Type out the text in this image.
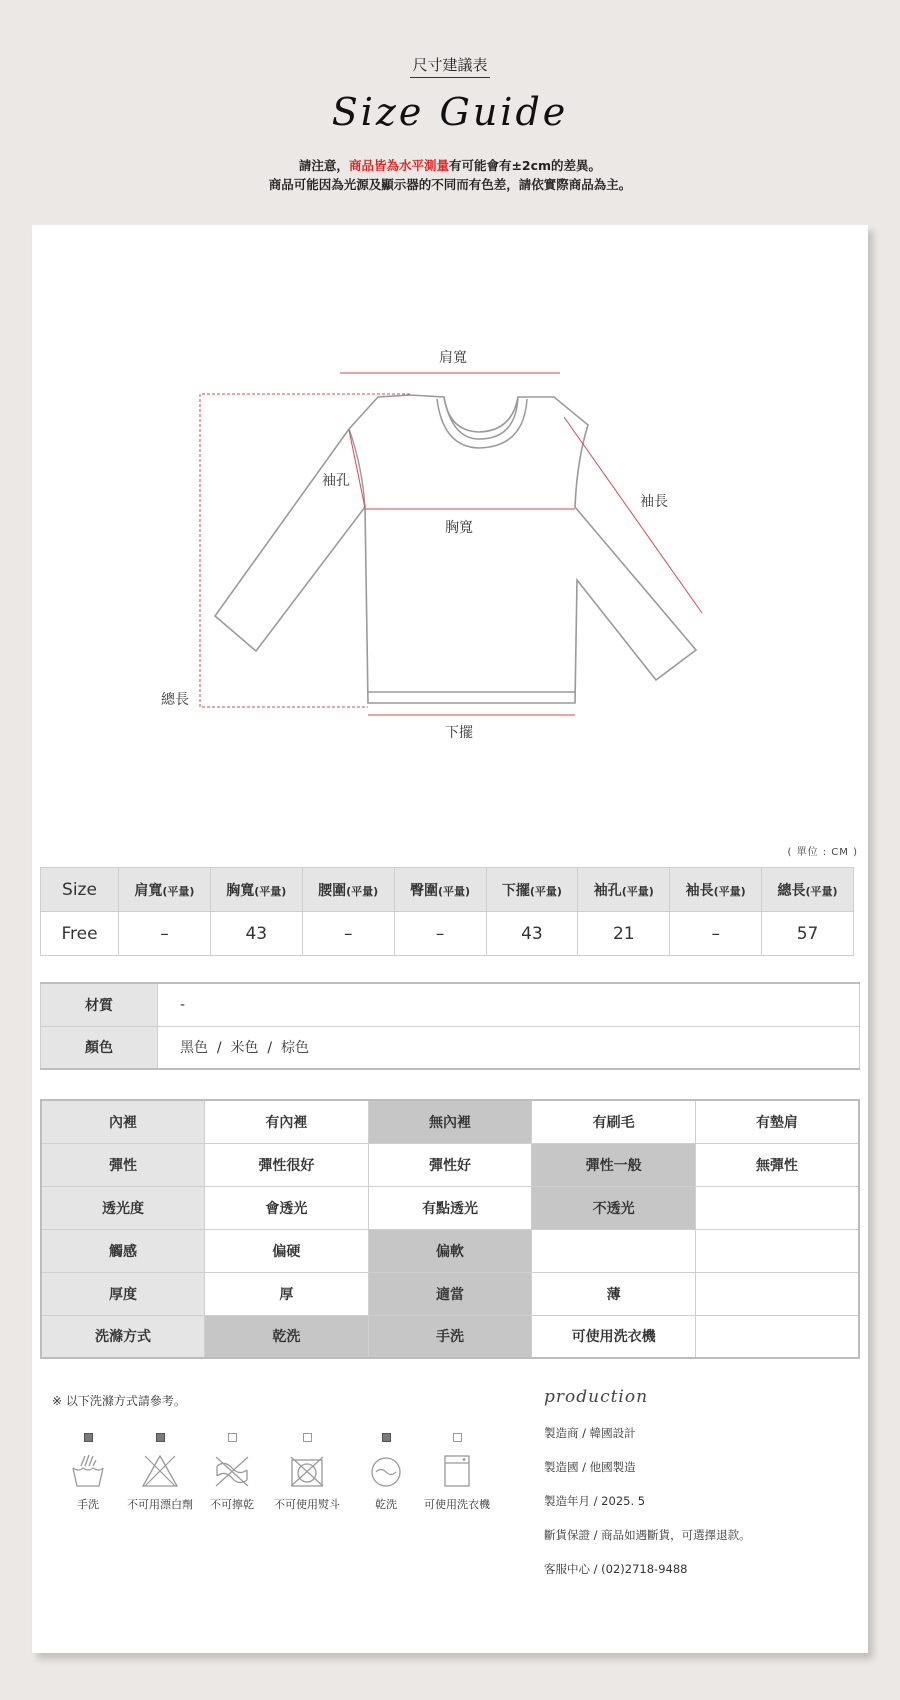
尺寸建議表
Size Guide
請注意，商品皆為水平測量有可能會有±2cm的差異。
商品可能因為光源及顯示器的不同而有色差，請依實際商品為主。
肩寬
袖孔
胸寬
袖長
總長
下擺
( 單位 : CM )
Size	肩寬(平量)	胸寬(平量)	腰圍(平量)	臀圍(平量)	下擺(平量)	袖孔(平量)	袖長(平量)	總長(平量)
Free	–	43	–	–	43	21	–	57
材質	-
顏色	黑色  /  米色  /  棕色
內裡	有內裡	無內裡	有刷毛	有墊肩
彈性	彈性很好	彈性好	彈性一般	無彈性
透光度	會透光	有點透光	不透光	
觸感	偏硬	偏軟		
厚度	厚	適當	薄	
洗滌方式	乾洗	手洗	可使用洗衣機	
※ 以下洗滌方式請參考。
手洗	不可用漂白劑	不可擰乾	不可使用熨斗	乾洗	可使用洗衣機
production
製造商 / 韓國設計
製造國 / 他國製造
製造年月 / 2025. 5
斷貨保證 / 商品如遇斷貨，可選擇退款。
客服中心 / (02)2718-9488
